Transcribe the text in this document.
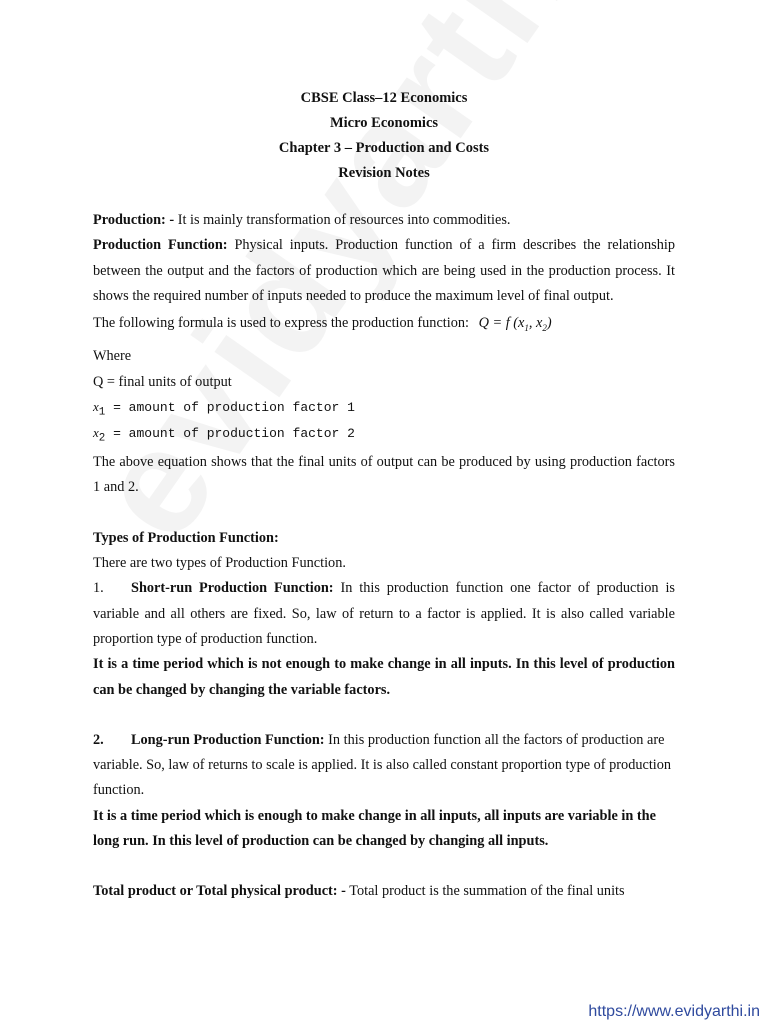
CBSE Class–12 Economics
Micro Economics
Chapter 3 – Production and Costs
Revision Notes

Production: - It is mainly transformation of resources into commodities.

Production Function: Physical inputs. Production function of a firm describes the relationship between the output and the factors of production which are being used in the production process. It shows the required number of inputs needed to produce the maximum level of final output.

The following formula is used to express the production function: Q = f ($x_1$, $x_2$)

Where

Q = final units of output

$x_1$ = amount of production factor 1
$x_2$ = amount of production factor 2

The above equation shows that the final units of output can be produced by using production factors 1 and 2.

Types of Production Function:

There are two types of Production Function.

1. Short-run Production Function: In this production function one factor of production is variable and all others are fixed. So, law of return to a factor is applied. It is also called variable proportion type of production function.

It is a time period which is not enough to make change in all inputs. In this level of production can be changed by changing the variable factors.

2. Long-run Production Function: In this production function all the factors of production are variable. So, law of returns to scale is applied. It is also called constant proportion type of production function.

It is a time period which is enough to make change in all inputs, all inputs are variable in the long run. In this level of production can be changed by changing all inputs.

Total product or Total physical product: - Total product is the summation of the final units

https://www.evidyarthi.in
